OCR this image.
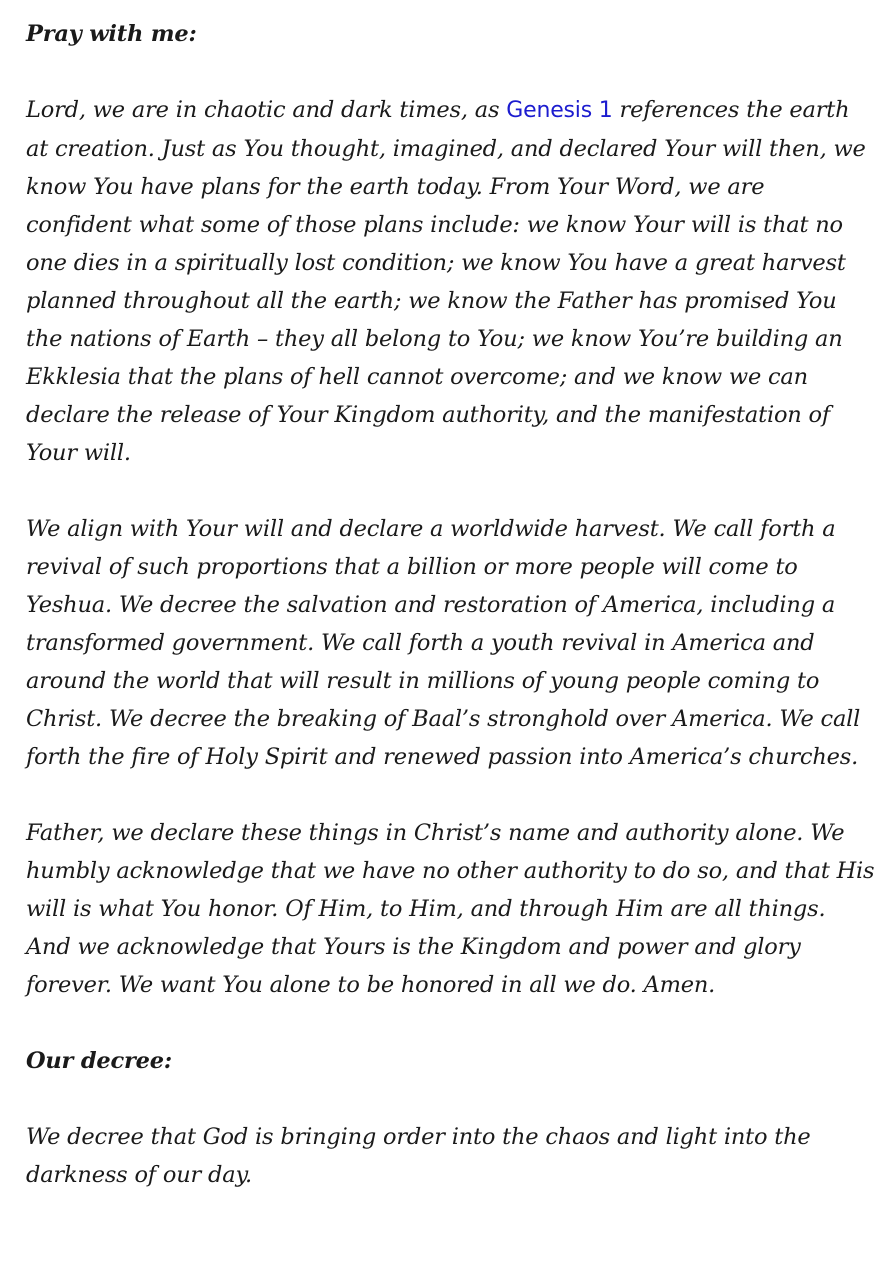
Pray with me:

Lord, we are in chaotic and dark times, as Genesis 1 references the earth at creation. Just as You thought, imagined, and declared Your will then, we know You have plans for the earth today. From Your Word, we are confident what some of those plans include: we know Your will is that no one dies in a spiritually lost condition; we know You have a great harvest planned throughout all the earth; we know the Father has promised You the nations of Earth – they all belong to You; we know You’re building an Ekklesia that the plans of hell cannot overcome; and we know we can declare the release of Your Kingdom authority, and the manifestation of Your will.

We align with Your will and declare a worldwide harvest. We call forth a revival of such proportions that a billion or more people will come to Yeshua. We decree the salvation and restoration of America, including a transformed government. We call forth a youth revival in America and around the world that will result in millions of young people coming to Christ. We decree the breaking of Baal’s stronghold over America. We call forth the fire of Holy Spirit and renewed passion into America’s churches.

Father, we declare these things in Christ’s name and authority alone. We humbly acknowledge that we have no other authority to do so, and that His will is what You honor. Of Him, to Him, and through Him are all things. And we acknowledge that Yours is the Kingdom and power and glory forever. We want You alone to be honored in all we do. Amen.

Our decree:

We decree that God is bringing order into the chaos and light into the darkness of our day.
